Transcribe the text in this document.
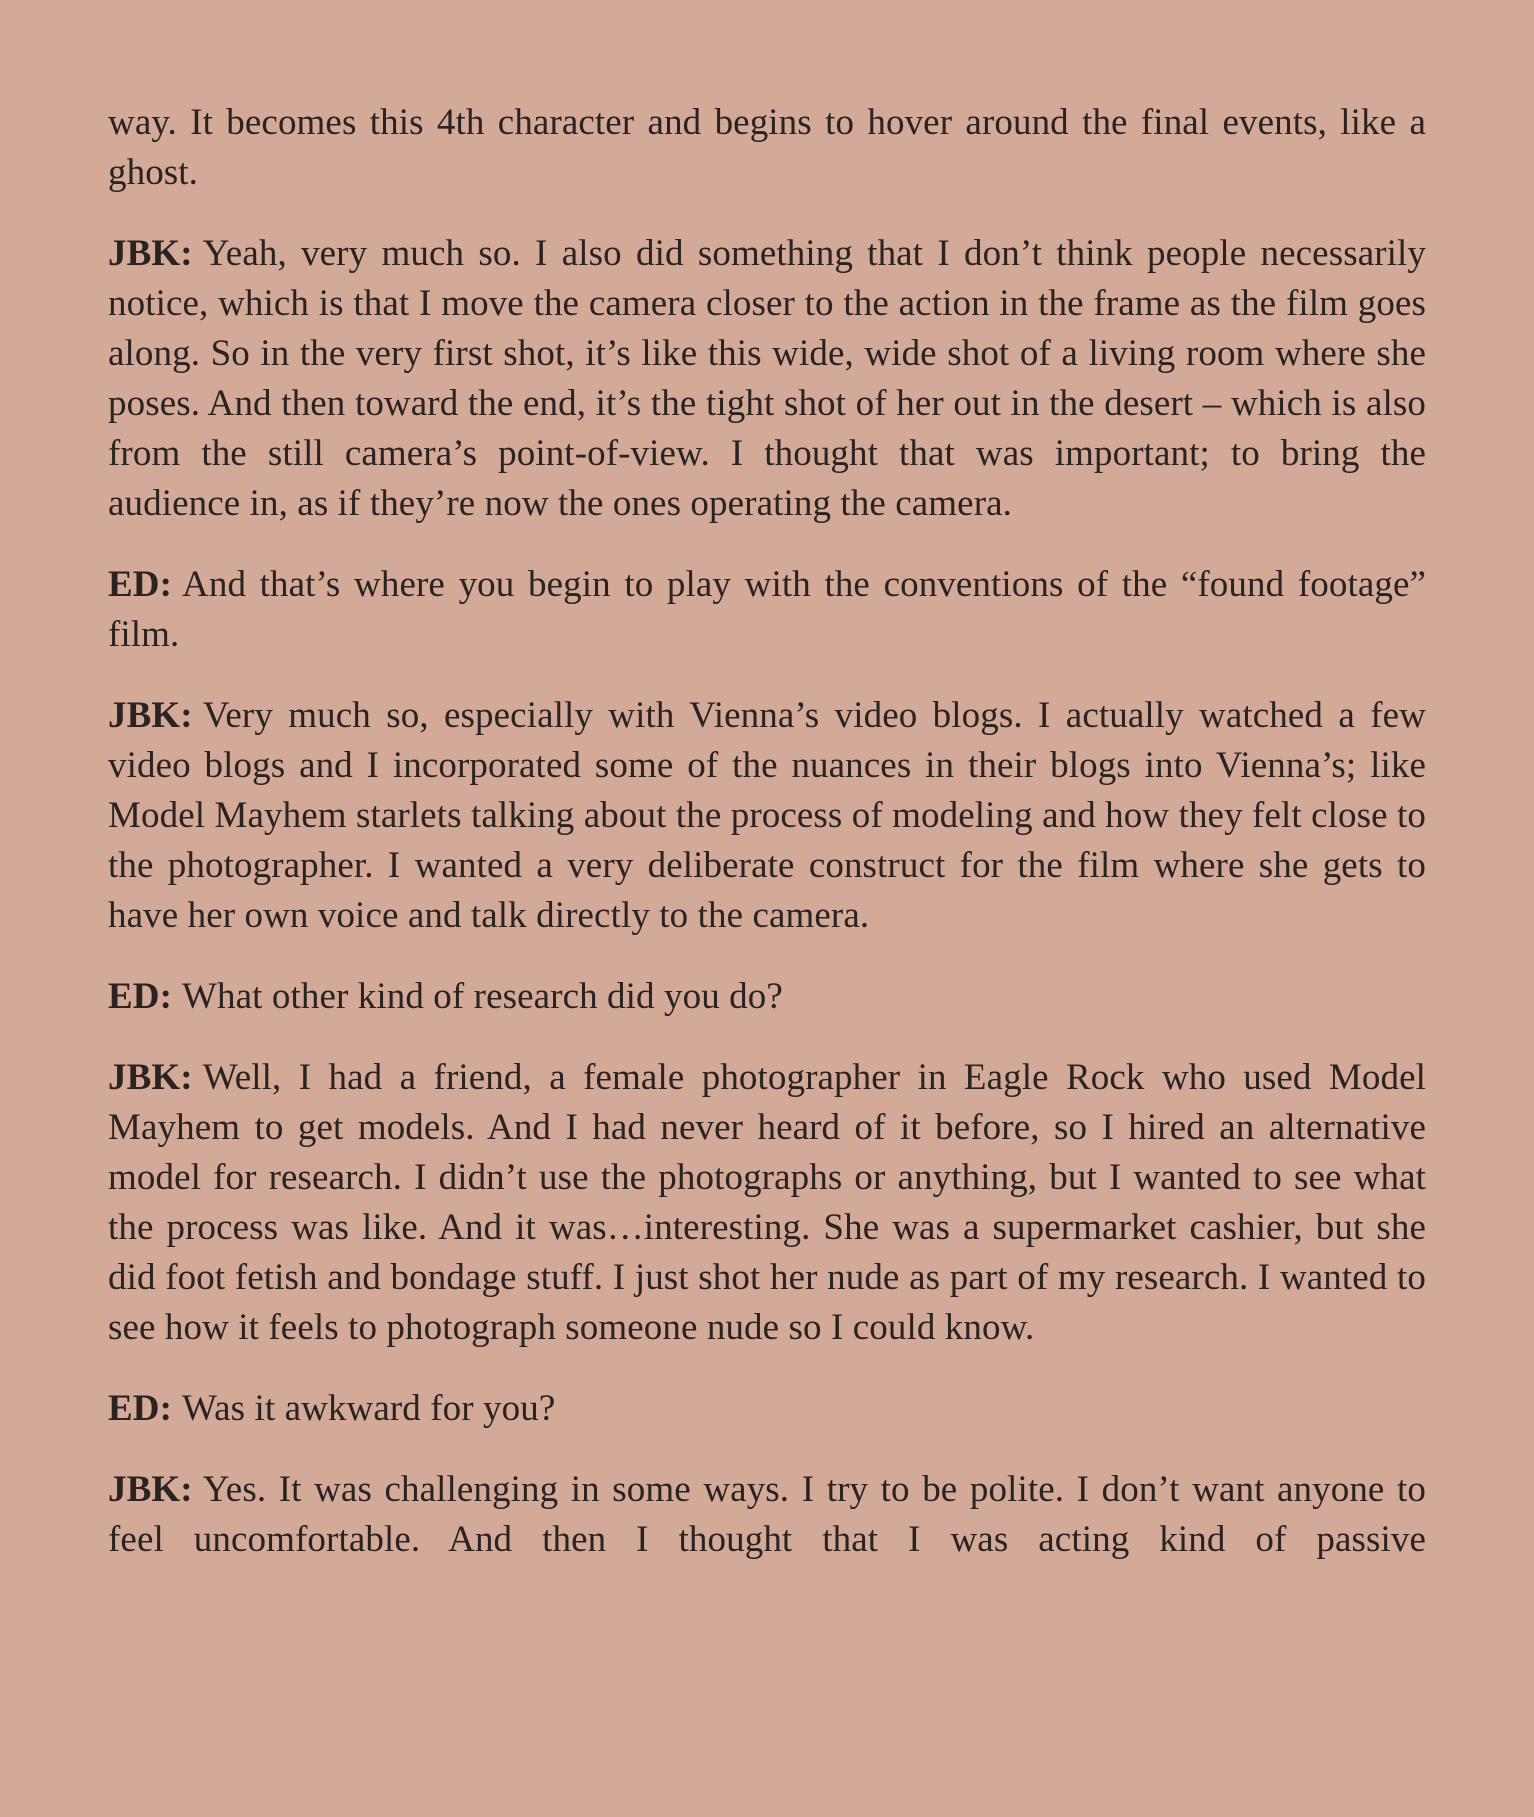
way. It becomes this 4th character and begins to hover around the final events, like a ghost.

JBK: Yeah, very much so. I also did something that I don’t think people necessarily notice, which is that I move the camera closer to the action in the frame as the film goes along. So in the very first shot, it’s like this wide, wide shot of a living room where she poses. And then toward the end, it’s the tight shot of her out in the desert – which is also from the still camera’s point-of-view. I thought that was important; to bring the audience in, as if they’re now the ones operating the camera.

ED: And that’s where you begin to play with the conventions of the “found footage” film.

JBK: Very much so, especially with Vienna’s video blogs. I actually watched a few video blogs and I incorporated some of the nuances in their blogs into Vienna’s; like Model Mayhem starlets talking about the process of modeling and how they felt close to the photographer. I wanted a very deliberate construct for the film where she gets to have her own voice and talk directly to the camera.

ED: What other kind of research did you do?

JBK: Well, I had a friend, a female photographer in Eagle Rock who used Model Mayhem to get models. And I had never heard of it before, so I hired an alternative model for research. I didn’t use the photographs or anything, but I wanted to see what the process was like. And it was…interesting. She was a supermarket cashier, but she did foot fetish and bondage stuff. I just shot her nude as part of my research. I wanted to see how it feels to photograph someone nude so I could know.

ED: Was it awkward for you?

JBK: Yes. It was challenging in some ways. I try to be polite. I don’t want anyone to feel uncomfortable. And then I thought that I was acting kind of passive
